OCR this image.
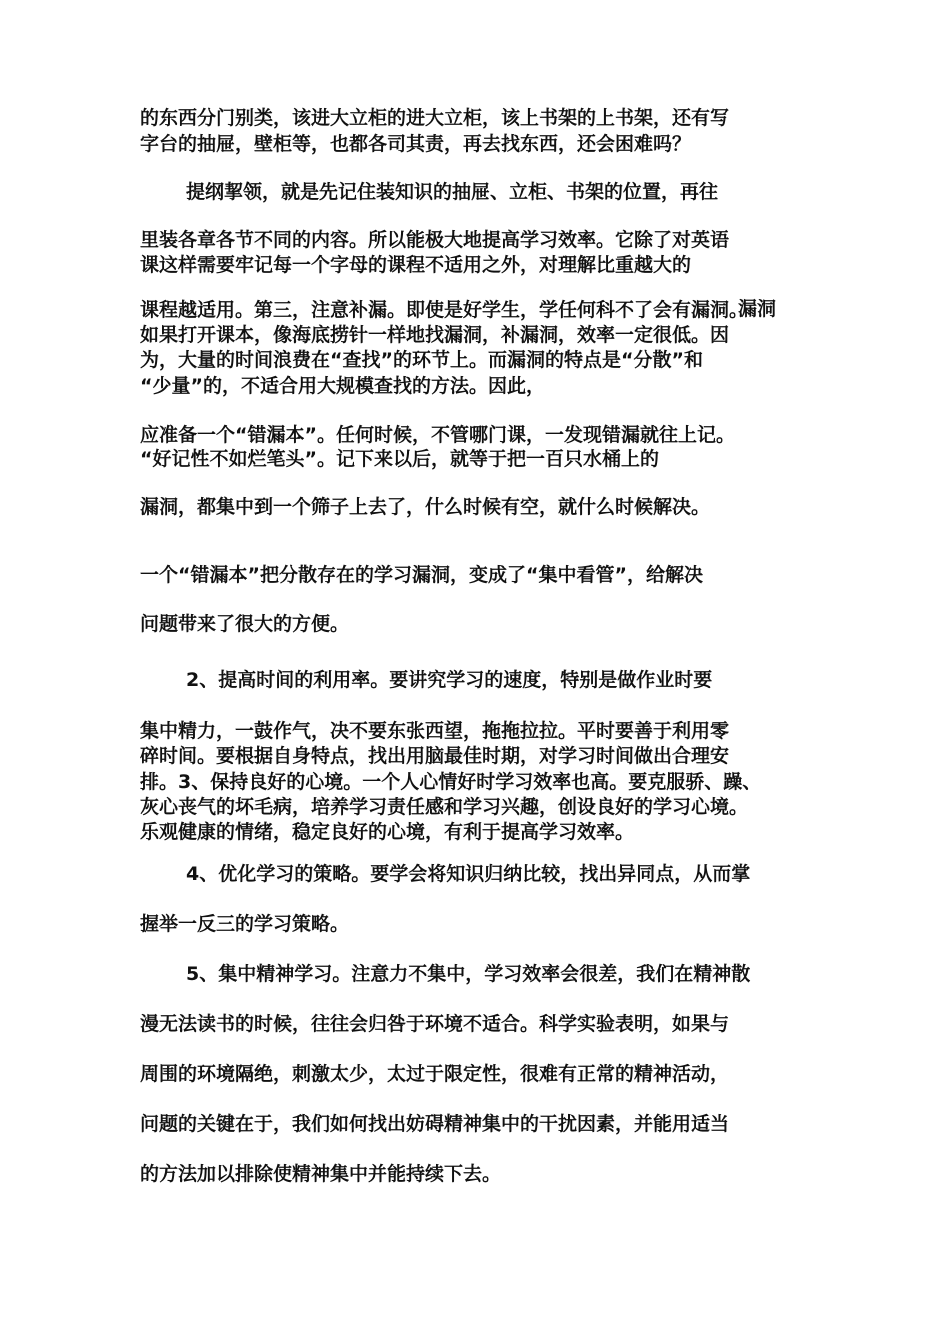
的东西分门别类，该进大立柜的进大立柜，该上书架的上书架，还有写
字台的抽屉，壁柜等，也都各司其责，再去找东西，还会困难吗？
提纲挈领，就是先记住装知识的抽屉、立柜、书架的位置，再往
里装各章各节不同的内容。所以能极大地提高学习效率。它除了对英语
课这样需要牢记每一个字母的课程不适用之外，对理解比重越大的
课程越适用。第三，注意补漏。即使是好学生，学任何科不了会有漏洞。
漏洞
如果打开课本，像海底捞针一样地找漏洞，补漏洞，效率一定很低。因
为，大量的时间浪费在“查找”的环节上。而漏洞的特点是“分散”和
“少量”的，不适合用大规模查找的方法。因此，
应准备一个“错漏本”。任何时候，不管哪门课，一发现错漏就往上记。
“好记性不如烂笔头”。记下来以后，就等于把一百只水桶上的
漏洞，都集中到一个筛子上去了，什么时候有空，就什么时候解决。
一个“错漏本”把分散存在的学习漏洞，变成了“集中看管”，给解决
问题带来了很大的方便。
2、提高时间的利用率。要讲究学习的速度，特别是做作业时要
集中精力，一鼓作气，决不要东张西望，拖拖拉拉。平时要善于利用零
碎时间。要根据自身特点，找出用脑最佳时期，对学习时间做出合理安
排。3、保持良好的心境。一个人心情好时学习效率也高。要克服骄、躁、
灰心丧气的坏毛病，培养学习责任感和学习兴趣，创设良好的学习心境。
乐观健康的情绪，稳定良好的心境，有利于提高学习效率。
4、优化学习的策略。要学会将知识归纳比较，找出异同点，从而掌
握举一反三的学习策略。
5、集中精神学习。注意力不集中，学习效率会很差，我们在精神散
漫无法读书的时候，往往会归咎于环境不适合。科学实验表明，如果与
周围的环境隔绝，刺激太少，太过于限定性，很难有正常的精神活动，
问题的关键在于，我们如何找出妨碍精神集中的干扰因素，并能用适当
的方法加以排除使精神集中并能持续下去。
